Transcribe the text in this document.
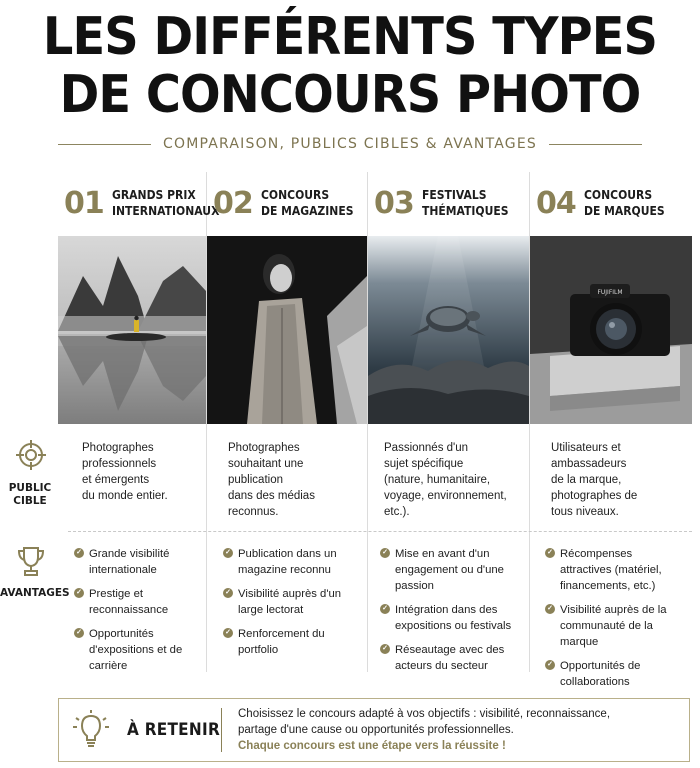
LES DIFFÉRENTS TYPES
DE CONCOURS PHOTO
COMPARAISON, PUBLICS CIBLES & AVANTAGES
01 GRANDS PRIX
INTERNATIONAUX
02 CONCOURS
DE MAGAZINES 03 FESTIVALS
THÉMATIQUES 04 CONCOURS
DE MARQUES
FUJIFILM
PUBLIC
CIBLE
Photographes
professionnels
et émergents
du monde entier.
Photographes
souhaitant une
publication
dans des médias
reconnus.
Passionnés d'un
sujet spécifique
(nature, humanitaire,
voyage, environnement,
etc.).
Utilisateurs et
ambassadeurs
de la marque,
photographes de
tous niveaux.
AVANTAGES
✓ Grande visibilité internationale
✓ Prestige et reconnaissance
✓ Opportunités d'expositions et de carrière
✓ Publication dans un magazine reconnu
✓ Visibilité auprès d'un large lectorat
✓ Renforcement du portfolio
✓ Mise en avant d'un engagement ou d'une passion
✓ Intégration dans des expositions ou festivals
✓ Réseautage avec des acteurs du secteur
✓ Récompenses attractives (matériel, financements, etc.)
✓ Visibilité auprès de la communauté de la marque
✓ Opportunités de collaborations
À RETENIR
Choisissez le concours adapté à vos objectifs : visibilité, reconnaissance,
partage d'une cause ou opportunités professionnelles.
Chaque concours est une étape vers la réussite !
